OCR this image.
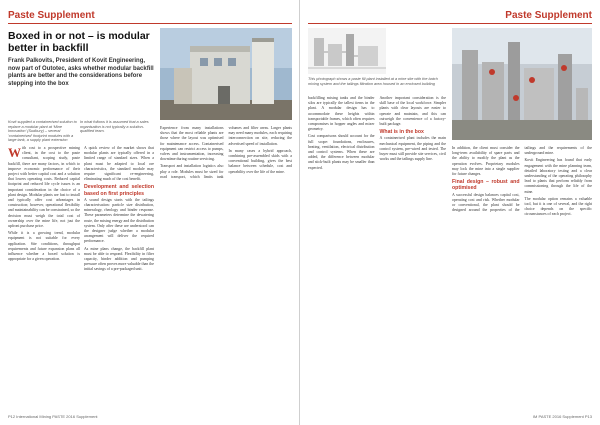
Paste Supplement
Boxed in or not – is modular better in backfill
Frank Palkovits, President of Kovit Engineering, now part of Outotec, asks whether modular backfill plants are better and the considerations before stepping into the box
Kovit supplied a containerised solution to replace a modular plant at ‘Mine Innovation’ (Sudbury) – several 'containerised' footprint modules with a large tank, a supply plant extension
In what follows it is assumed that a sales organisation is not typically a solution-qualified team.

With cost to a prospective mining client, in the cost to the paste consultant, scoping study, paste backfill, there are many factors, in which to improve economic performance of their project with better capital cost and a solution that lowers operating costs. Reduced capital footprint and reduced life cycle issues is an important consideration in the choice of a plant design. Modular plants are fast to install and typically offer cost advantages in construction; however, operational flexibility and maintainability can be constrained, so the decision must weigh the total cost of ownership over the mine life, not just the upfront purchase price.

While it is a growing trend, modular equipment is not suitable for every application. Site conditions, throughput requirements and future expansion plans all influence whether a boxed solution is appropriate for a given operation.

A quick review of the market shows that modular plants are typically offered in a limited range of standard sizes. When a plant must be adapted to local ore characteristics, the standard module may require significant re-engineering, eliminating much of the cost benefit.

Development and selection based on first principles

A sound design starts with the tailings characterisation: particle size distribution, mineralogy, rheology and binder response. These parameters determine the dewatering route, the mixing energy and the distribution system. Only after these are understood can the designer judge whether a modular arrangement will deliver the required performance.

As mine plans change, the backfill plant must be able to respond. Flexibility in filter capacity, binder addition and pumping pressure often proves more valuable than the initial savings of a pre-packaged unit.

Experience from many installations shows that the most reliable plants are those where the layout was optimised for maintenance access. Containerised equipment can restrict access to pumps, valves and instrumentation, increasing downtime during routine servicing.

Transport and installation logistics also play a role. Modules must be sized for road transport, which limits tank volumes and filter areas. Larger plants may need many modules, each requiring interconnection on site, reducing the advertised speed of installation.

In many cases a hybrid approach, combining pre-assembled skids with a conventional building, gives the best balance between schedule, cost and operability over the life of the mine.

P12 International Mining PASTE 2016 Supplement
Paste Supplement
This photograph shows a paste fill plant installed at a mine site with the batch mixing system and the tailings filtration area housed in an enclosed building

backfilling mixing tanks and the binder silos are typically the tallest items in the plant. A modular design has to accommodate these heights within transportable frames, which often requires compromises in hopper angles and mixer geometry.

Cost comparisons should account for the full scope: foundations, enclosures, heating, ventilation, electrical distribution and control systems. When these are added, the difference between modular and stick-built plants may be smaller than expected.

Another important consideration is the skill base of the local workforce. Simpler plants with clear layouts are easier to operate and maintain, and this can outweigh the convenience of a factory-built package.

What is in the box

A containerised plant includes the main mechanical equipment, the piping and the control system, pre-wired and tested. The buyer must still provide site services, civil works and the tailings supply line.

In addition, the client must consider the long-term availability of spare parts and the ability to modify the plant as the operation evolves. Proprietary modules may lock the mine into a single supplier for future changes.

Final design – robust and optimised

A successful design balances capital cost, operating cost and risk. Whether modular or conventional, the plant should be designed around the properties of the tailings and the requirements of the underground mine.

Kovit Engineering has found that early engagement with the mine planning team, detailed laboratory testing and a clear understanding of the operating philosophy lead to plants that perform reliably from commissioning through the life of the mine.

The modular option remains a valuable tool, but it is one of several, and the right choice depends on the specific circumstances of each project.

IM PASTE 2016 Supplement P13
